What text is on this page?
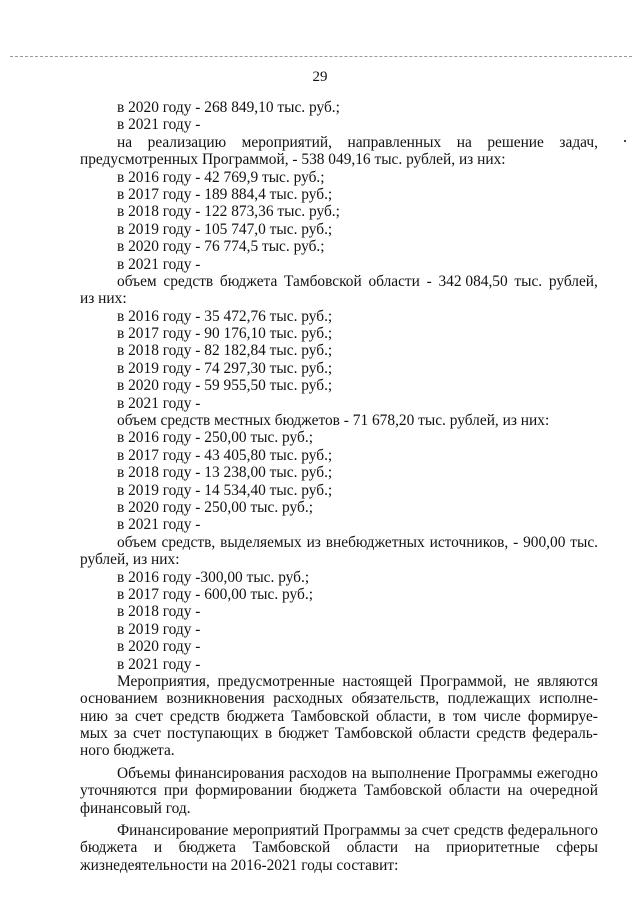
29
в 2020 году - 268 849,10 тыс. руб.;
в 2021 году -
на реализацию мероприятий, направленных на решение задач,
предусмотренных Программой, - 538 049,16 тыс. рублей, из них:
в 2016 году - 42 769,9 тыс. руб.;
в 2017 году - 189 884,4 тыс. руб.;
в 2018 году - 122 873,36 тыс. руб.;
в 2019 году - 105 747,0 тыс. руб.;
в 2020 году - 76 774,5 тыс. руб.;
в 2021 году -
объем средств бюджета Тамбовской области - 342 084,50 тыс. рублей,
из них:
в 2016 году - 35 472,76 тыс. руб.;
в 2017 году - 90 176,10 тыс. руб.;
в 2018 году - 82 182,84 тыс. руб.;
в 2019 году - 74 297,30 тыс. руб.;
в 2020 году - 59 955,50 тыс. руб.;
в 2021 году -
объем средств местных бюджетов - 71 678,20 тыс. рублей, из них:
в 2016 году - 250,00 тыс. руб.;
в 2017 году - 43 405,80 тыс. руб.;
в 2018 году - 13 238,00 тыс. руб.;
в 2019 году - 14 534,40 тыс. руб.;
в 2020 году - 250,00 тыс. руб.;
в 2021 году -
объем средств, выделяемых из внебюджетных источников, - 900,00 тыс.
рублей, из них:
в 2016 году -300,00 тыс. руб.;
в 2017 году - 600,00 тыс. руб.;
в 2018 году -
в 2019 году -
в 2020 году -
в 2021 году -
Мероприятия, предусмотренные настоящей Программой, не являются
основанием возникновения расходных обязательств, подлежащих исполне-
нию за счет средств бюджета Тамбовской области, в том числе формируе-
мых за счет поступающих в бюджет Тамбовской области средств федераль-
ного бюджета.
Объемы финансирования расходов на выполнение Программы ежегодно
уточняются при формировании бюджета Тамбовской области на очередной
финансовый год.
Финансирование мероприятий Программы за счет средств федерального
бюджета и бюджета Тамбовской области на приоритетные сферы
жизнедеятельности на 2016-2021 годы составит:
